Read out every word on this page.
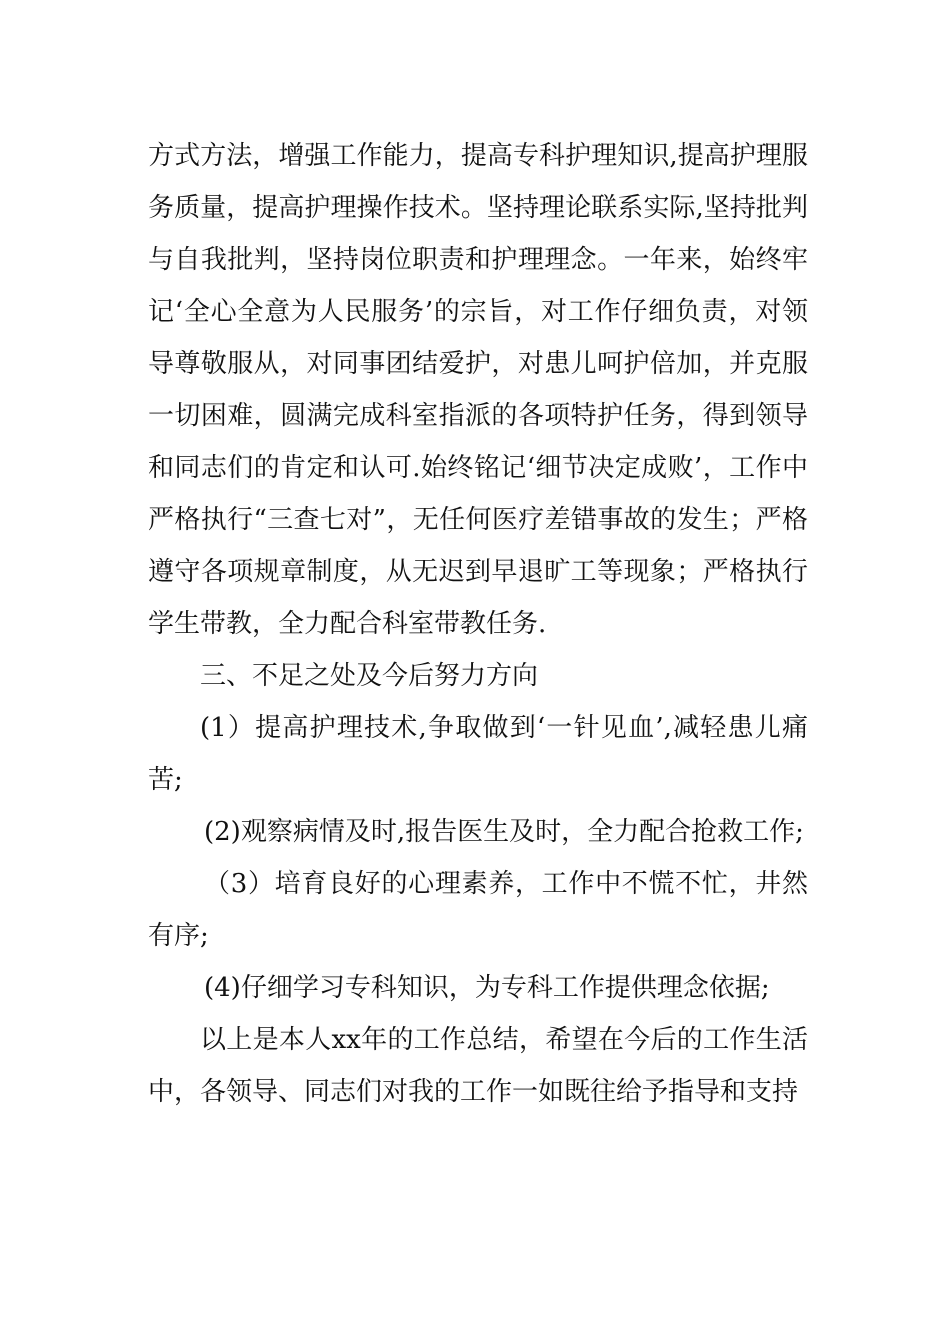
方式方法，增强工作能力，提高专科护理知识,提高护理服务质量，提高护理操作技术。坚持理论联系实际,坚持批判与自我批判，坚持岗位职责和护理理念。一年来，始终牢记‘全心全意为人民服务’的宗旨，对工作仔细负责，对领导尊敬服从，对同事团结爱护，对患儿呵护倍加，并克服一切困难，圆满完成科室指派的各项特护任务，得到领导和同志们的肯定和认可.始终铭记‘细节决定成败’，工作中严格执行“三查七对”，无任何医疗差错事故的发生；严格遵守各项规章制度，从无迟到早退旷工等现象；严格执行学生带教，全力配合科室带教任务.

三、不足之处及今后努力方向

(1）提高护理技术,争取做到‘一针见血’,减轻患儿痛苦;

(2)观察病情及时,报告医生及时，全力配合抢救工作;

（3）培育良好的心理素养，工作中不慌不忙，井然有序;

(4)仔细学习专科知识，为专科工作提供理念依据;

以上是本人xx年的工作总结，希望在今后的工作生活中，各领导、同志们对我的工作一如既往给予指导和支持
